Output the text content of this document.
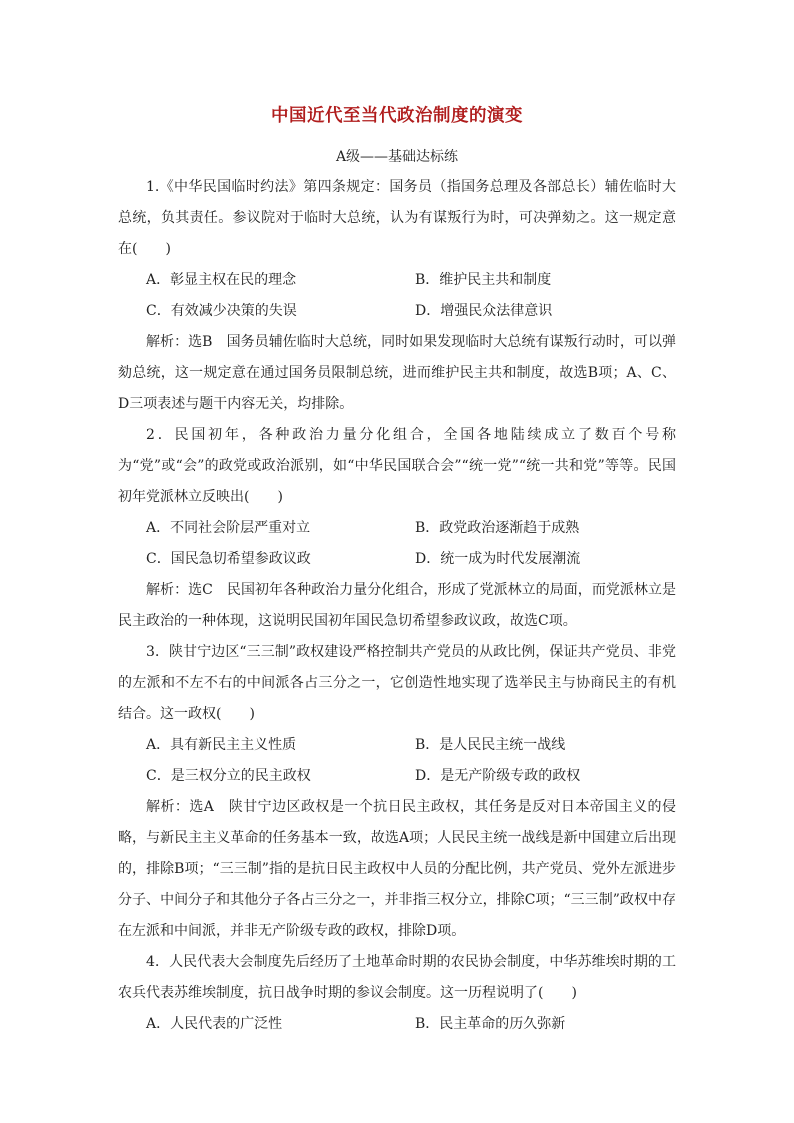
中国近代至当代政治制度的演变
A级——基础达标练

1.《中华民国临时约法》第四条规定：国务员（指国务总理及各部总长）辅佐临时大总统，负其责任。参议院对于临时大总统，认为有谋叛行为时，可决弹劾之。这一规定意在(　　)

A．彰显主权在民的理念	B．维护民主共和制度
C．有效减少决策的失误	D．增强民众法律意识

解析：选B　国务员辅佐临时大总统，同时如果发现临时大总统有谋叛行动时，可以弹劾总统，这一规定意在通过国务员限制总统，进而维护民主共和制度，故选B项；A、C、D三项表述与题干内容无关，均排除。

2．民国初年，各种政治力量分化组合，全国各地陆续成立了数百个号称为“党”或“会”的政党或政治派别，如“中华民国联合会”“统一党”“统一共和党”等等。民国初年党派林立反映出(　　)

A．不同社会阶层严重对立	B．政党政治逐渐趋于成熟
C．国民急切希望参政议政	D．统一成为时代发展潮流

解析：选C　民国初年各种政治力量分化组合，形成了党派林立的局面，而党派林立是民主政治的一种体现，这说明民国初年国民急切希望参政议政，故选C项。

3．陕甘宁边区“三三制”政权建设严格控制共产党员的从政比例，保证共产党员、非党的左派和不左不右的中间派各占三分之一，它创造性地实现了选举民主与协商民主的有机结合。这一政权(　　)

A．具有新民主主义性质	B．是人民民主统一战线
C．是三权分立的民主政权	D．是无产阶级专政的政权

解析：选A　陕甘宁边区政权是一个抗日民主政权，其任务是反对日本帝国主义的侵略，与新民主主义革命的任务基本一致，故选A项；人民民主统一战线是新中国建立后出现的，排除B项；“三三制”指的是抗日民主政权中人员的分配比例，共产党员、党外左派进步分子、中间分子和其他分子各占三分之一，并非指三权分立，排除C项；“三三制”政权中存在左派和中间派，并非无产阶级专政的政权，排除D项。

4．人民代表大会制度先后经历了土地革命时期的农民协会制度，中华苏维埃时期的工农兵代表苏维埃制度，抗日战争时期的参议会制度。这一历程说明了(　　)

A．人民代表的广泛性	B．民主革命的历久弥新
